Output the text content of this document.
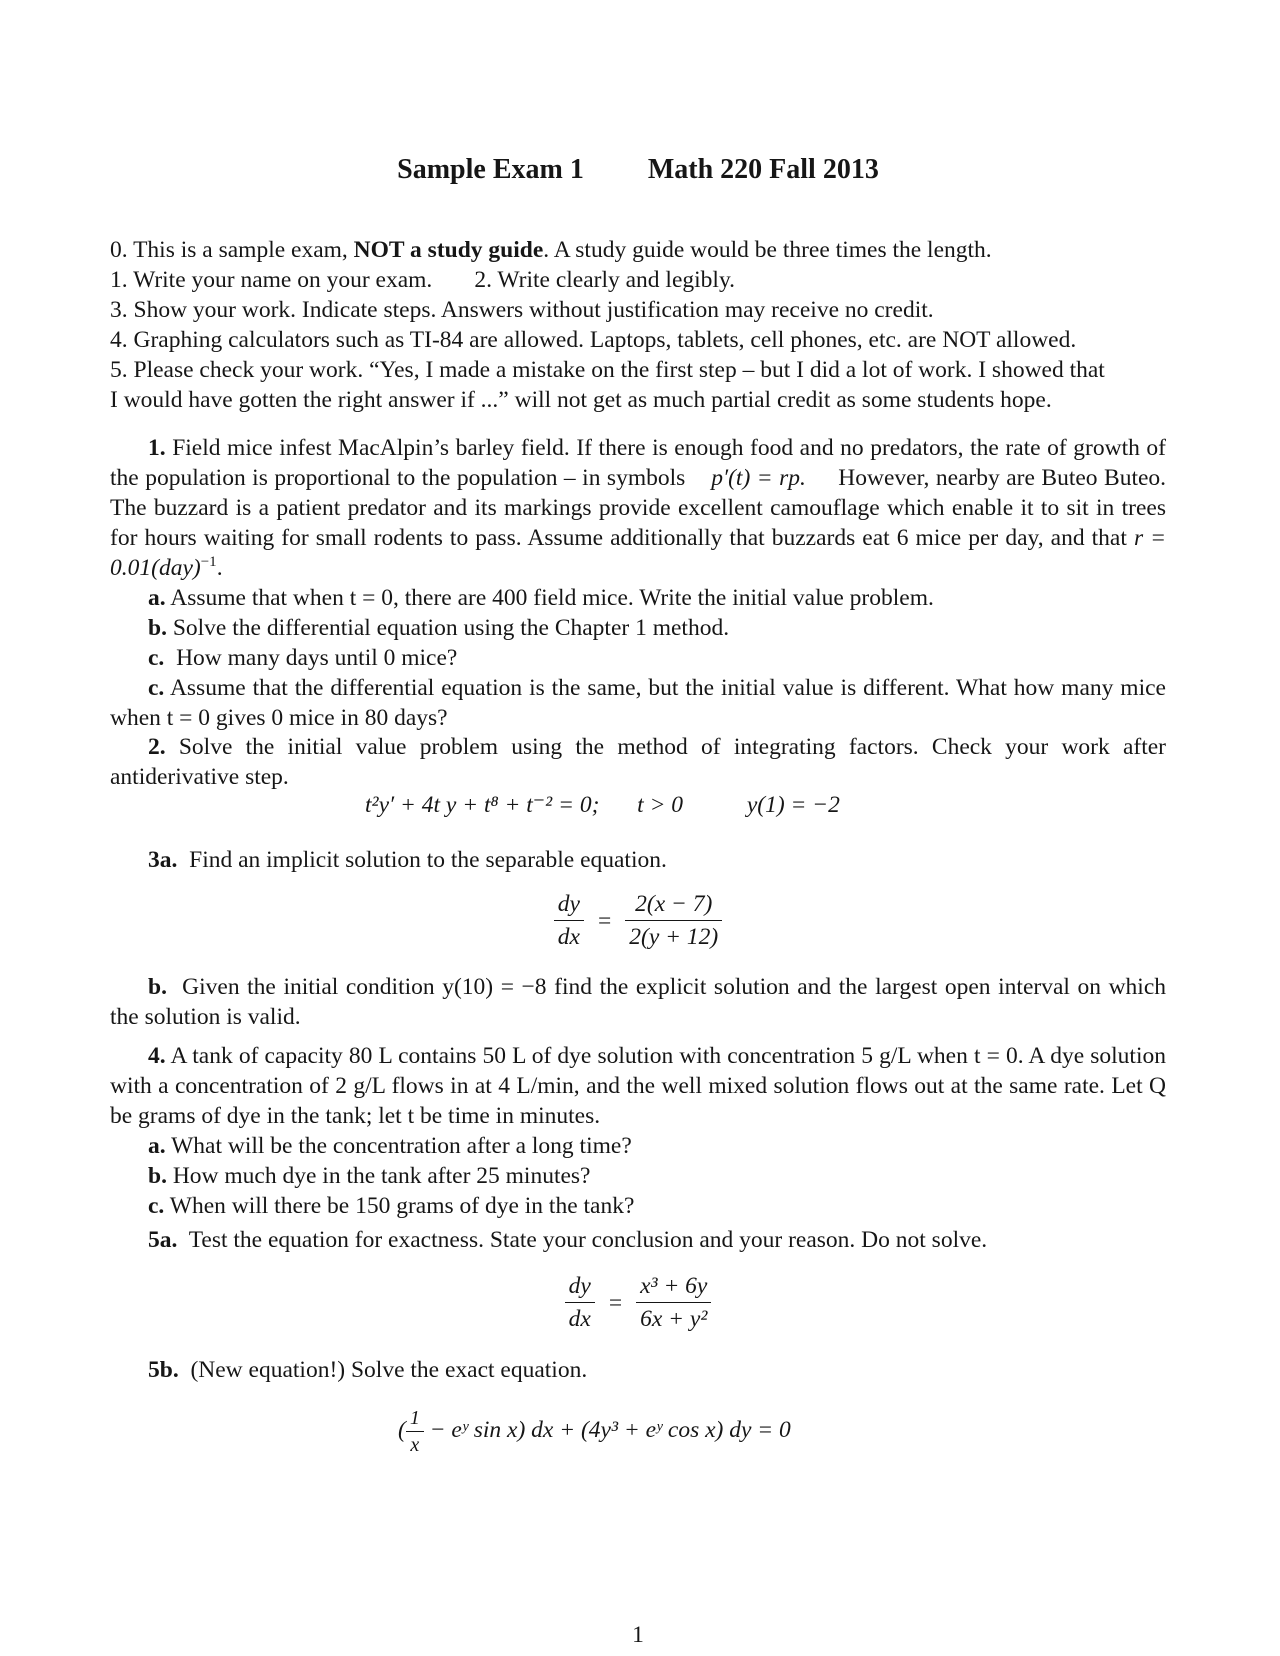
Sample Exam 1 Math 220 Fall 2013

0. This is a sample exam, NOT a study guide. A study guide would be three times the length.

1. Write your name on your exam. 2. Write clearly and legibly.

3. Show your work. Indicate steps. Answers without justification may receive no credit.

4. Graphing calculators such as TI-84 are allowed. Laptops, tablets, cell phones, etc. are NOT allowed.

5. Please check your work. “Yes, I made a mistake on the first step – but I did a lot of work. I showed that

I would have gotten the right answer if ...” will not get as much partial credit as some students hope.

1. Field mice infest MacAlpin’s barley field. If there is enough food and no predators, the rate of growth of the population is proportional to the population – in symbols p′(t) = rp. However, nearby are Buteo Buteo. The buzzard is a patient predator and its markings provide excellent camouflage which enable it to sit in trees for hours waiting for small rodents to pass. Assume additionally that buzzards eat 6 mice per day, and that r = 0.01(day)$^{-1}$.

a. Assume that when t = 0, there are 400 field mice. Write the initial value problem.

b. Solve the differential equation using the Chapter 1 method.

c. How many days until 0 mice?

c. Assume that the differential equation is the same, but the initial value is different. What how many mice when t = 0 gives 0 mice in 80 days?

2. Solve the initial value problem using the method of integrating factors. Check your work after antiderivative step.

t²y′ + 4t y + t⁸ + t⁻² = 0; t > 0	y(1) = −2

3a. Find an implicit solution to the separable equation.

$\frac{dy}{dx} = \frac{2(x - 7)}{2(y + 12)}$

b. Given the initial condition y(10) = −8 find the explicit solution and the largest open interval on which the solution is valid.

4. A tank of capacity 80 L contains 50 L of dye solution with concentration 5 g/L when t = 0. A dye solution with a concentration of 2 g/L flows in at 4 L/min, and the well mixed solution flows out at the same rate. Let Q be grams of dye in the tank; let t be time in minutes.

a. What will be the concentration after a long time?

b. How much dye in the tank after 25 minutes?

c. When will there be 150 grams of dye in the tank?

5a. Test the equation for exactness. State your conclusion and your reason. Do not solve.

$\frac{dy}{dx} = \frac{\text{x³ + 6y}}{\text{6x + y²}}$

5b. (New equation!) Solve the exact equation.

( $\frac{1}{x}$ − eʸ sin x) dx + (4y³ + eʸ cos x) dy = 0
1
